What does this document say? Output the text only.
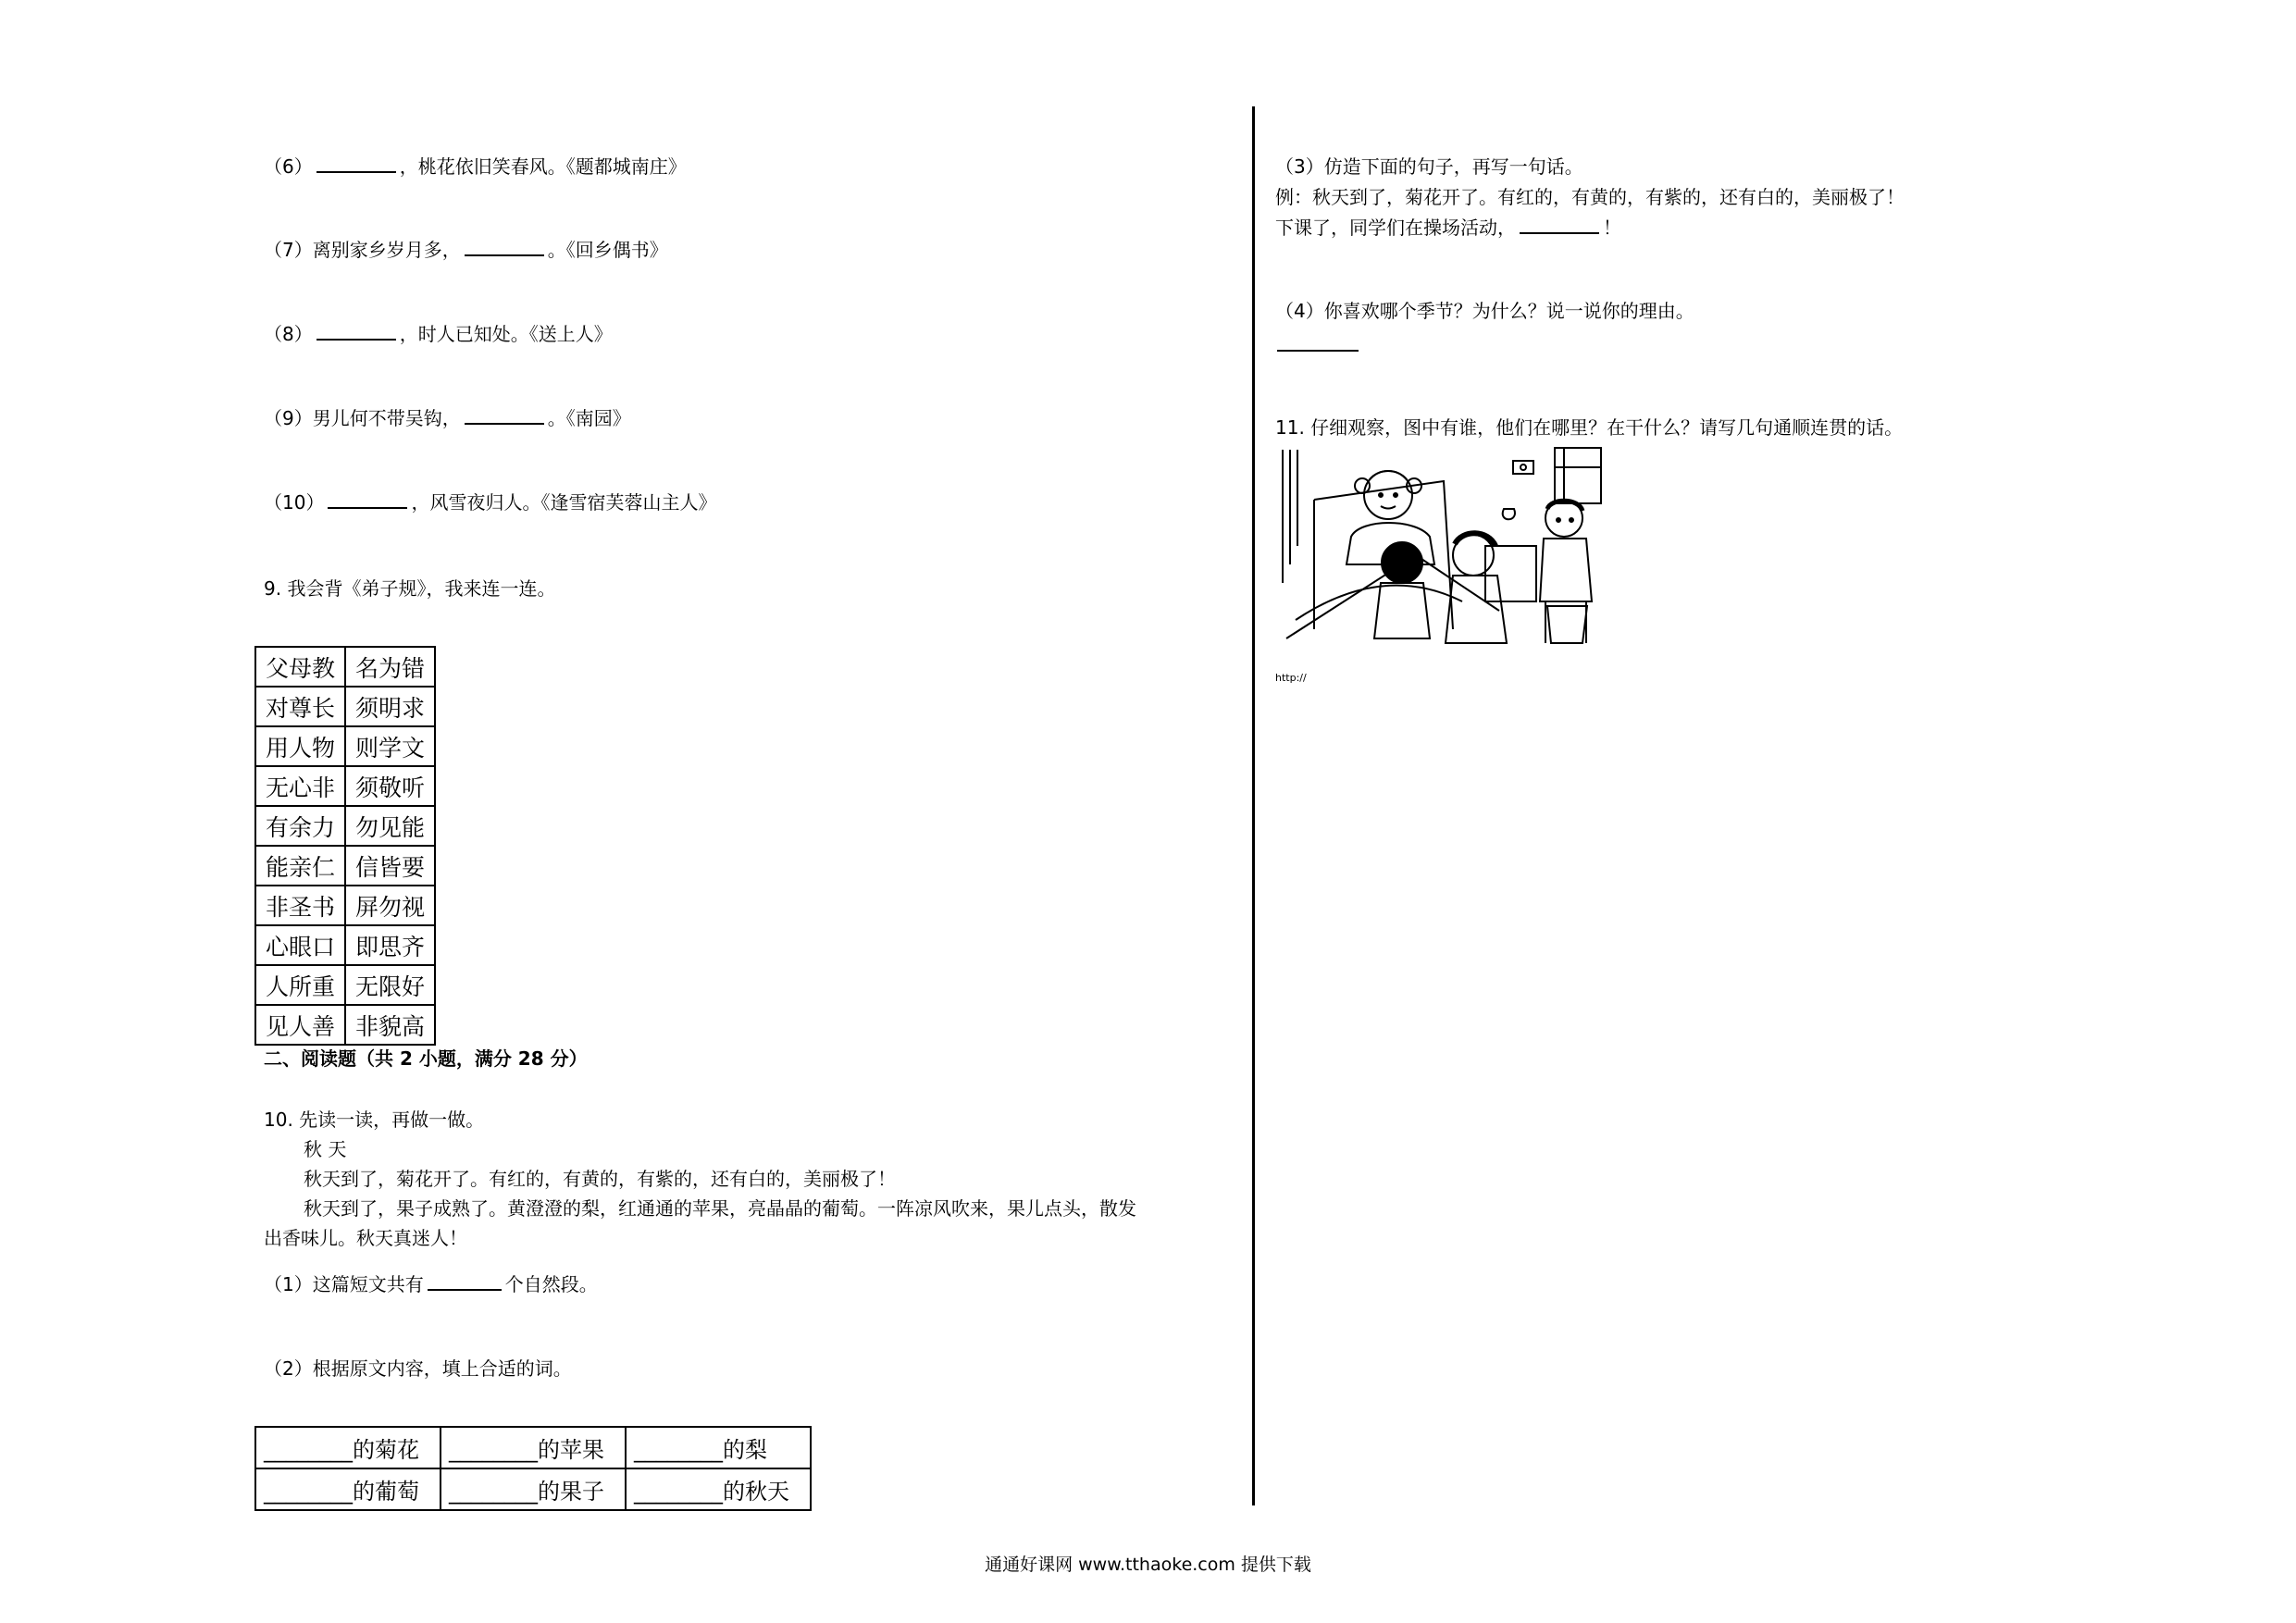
（6）	，桃花依旧笑春风。《题都城南庄》
（7）离别家乡岁月多，	。《回乡偶书》
（8）	，时人已知处。《送上人》
（9）男儿何不带吴钩，	。《南园》
（10）	，风雪夜归人。《逢雪宿芙蓉山主人》
9. 我会背《弟子规》，我来连一连。
父母教	名为错
对尊长	须明求
用人物	则学文
无心非	须敬听
有余力	勿见能
能亲仁	信皆要
非圣书	屏勿视
心眼口	即思齐
人所重	无限好
见人善	非貌高
二、阅读题（共 2 小题，满分 28 分）
10. 先读一读，再做一做。
秋 天
秋天到了，菊花开了。有红的，有黄的，有紫的，还有白的，美丽极了！
秋天到了，果子成熟了。黄澄澄的梨，红通通的苹果，亮晶晶的葡萄。一阵凉风吹来，果儿点头，散发
出香味儿。秋天真迷人！
（1）这篇短文共有	个自然段。
（2）根据原文内容，填上合适的词。
________的菊花	________的苹果	________的梨
________的葡萄	________的果子	________的秋天
（3）仿造下面的句子，再写一句话。
例：秋天到了，菊花开了。有红的，有黄的，有紫的，还有白的，美丽极了！
下课了，同学们在操场活动，	！
（4）你喜欢哪个季节？为什么？说一说你的理由。
11. 仔细观察，图中有谁，他们在哪里？在干什么？请写几句通顺连贯的话。
http://
通通好课网 www.tthaoke.com 提供下载
